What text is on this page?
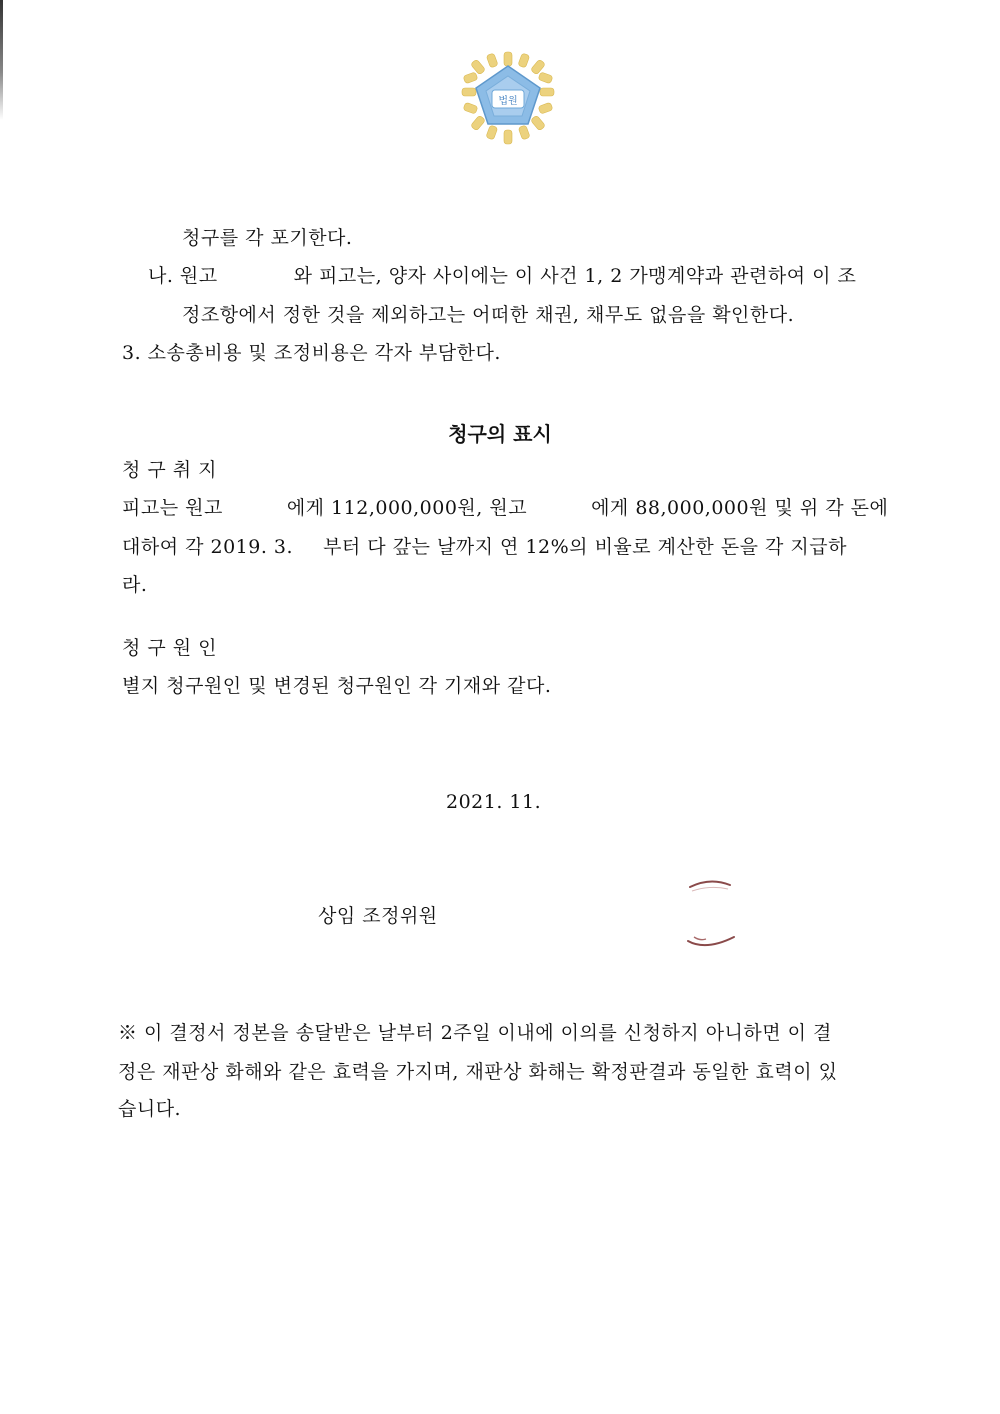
법원
청구를 각 포기한다.
나. 원고	와 피고는, 양자 사이에는 이 사건 1, 2 가맹계약과 관련하여 이 조
정조항에서 정한 것을 제외하고는 어떠한 채권, 채무도 없음을 확인한다.
3. 소송총비용 및 조정비용은 각자 부담한다.
청구의 표시
청 구 취 지
피고는 원고	에게 112,000,000원, 원고	에게 88,000,000원 및 위 각 돈에
대하여 각 2019. 3. 부터 다 갚는 날까지 연 12%의 비율로 계산한 돈을 각 지급하
라.
청 구 원 인
별지 청구원인 및 변경된 청구원인 각 기재와 같다.
2021. 11.
상임 조정위원
※ 이 결정서 정본을 송달받은 날부터 2주일 이내에 이의를 신청하지 아니하면 이 결
정은 재판상 화해와 같은 효력을 가지며, 재판상 화해는 확정판결과 동일한 효력이 있
습니다.
